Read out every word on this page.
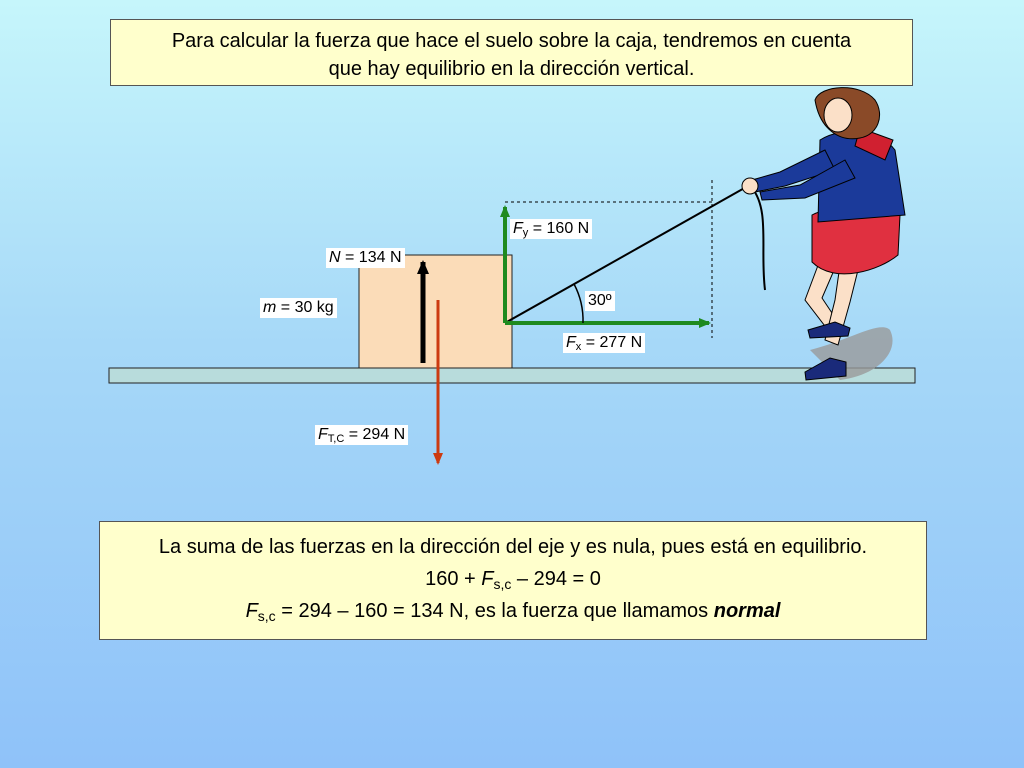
Para calcular la fuerza que hace el suelo sobre la caja, tendremos en cuenta
que hay equilibrio en la dirección vertical.
N = 134 N
m = 30 kg
$F_y = 160$ N
30º
$F_x = 277$ N
$F_{T,C} = 294$ N
La suma de las fuerzas en la dirección del eje y es nula, pues está en equilibrio.
$160 + F_{s,c} - 294 = 0$
$F_{s,c} = 294 - 160 = 134$ N, es la fuerza que llamamos normal
